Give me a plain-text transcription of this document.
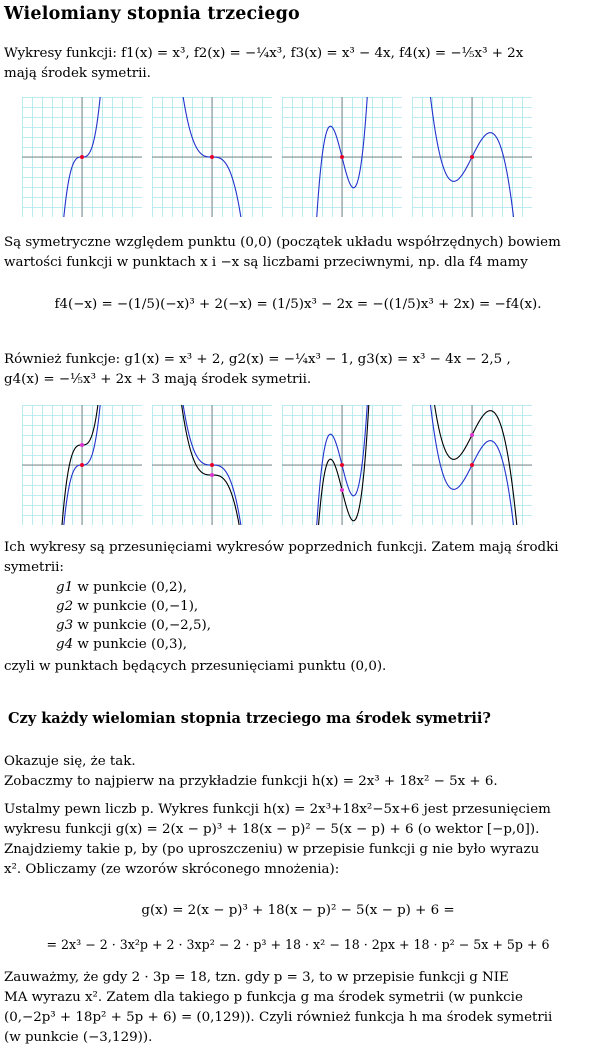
Wielomiany stopnia trzeciego
Wykresy funkcji: f1(x) = x³, f2(x) = −¼x³, f3(x) = x³ − 4x, f4(x) = −⅕x³ + 2x
mają środek symetrii.
Są symetryczne względem punktu (0,0) (początek układu współrzędnych) bowiem
wartości funkcji w punktach x i −x są liczbami przeciwnymi, np. dla f4 mamy
f4(−x) = −(1/5)(−x)³ + 2(−x) = (1/5)x³ − 2x = −((1/5)x³ + 2x) = −f4(x).
Również funkcje: g1(x) = x³ + 2, g2(x) = −¼x³ − 1, g3(x) = x³ − 4x − 2,5 ,
g4(x) = −⅕x³ + 2x + 3 mają środek symetrii.
Ich wykresy są przesunięciami wykresów poprzednich funkcji. Zatem mają środki
symetrii:
g1 w punkcie (0,2),
g2 w punkcie (0,−1),
g3 w punkcie (0,−2,5),
g4 w punkcie (0,3),
czyli w punktach będących przesunięciami punktu (0,0).
Czy każdy wielomian stopnia trzeciego ma środek symetrii?
Okazuje się, że tak.
Zobaczmy to najpierw na przykładzie funkcji h(x) = 2x³ + 18x² − 5x + 6.
Ustalmy pewn liczb p. Wykres funkcji h(x) = 2x³+18x²−5x+6 jest przesunięciem
wykresu funkcji g(x) = 2(x − p)³ + 18(x − p)² − 5(x − p) + 6 (o wektor [−p,0]).
Znajdziemy takie p, by (po uproszczeniu) w przepisie funkcji g nie było wyrazu
x². Obliczamy (ze wzorów skróconego mnożenia):
g(x) = 2(x − p)³ + 18(x − p)² − 5(x − p) + 6 =
= 2x³ − 2 · 3x²p + 2 · 3xp² − 2 · p³ + 18 · x² − 18 · 2px + 18 · p² − 5x + 5p + 6
Zauważmy, że gdy 2 · 3p = 18, tzn. gdy p = 3, to w przepisie funkcji g NIE
MA wyrazu x². Zatem dla takiego p funkcja g ma środek symetrii (w punkcie
(0,−2p³ + 18p² + 5p + 6) = (0,129)). Czyli również funkcja h ma środek symetrii
(w punkcie (−3,129)).
